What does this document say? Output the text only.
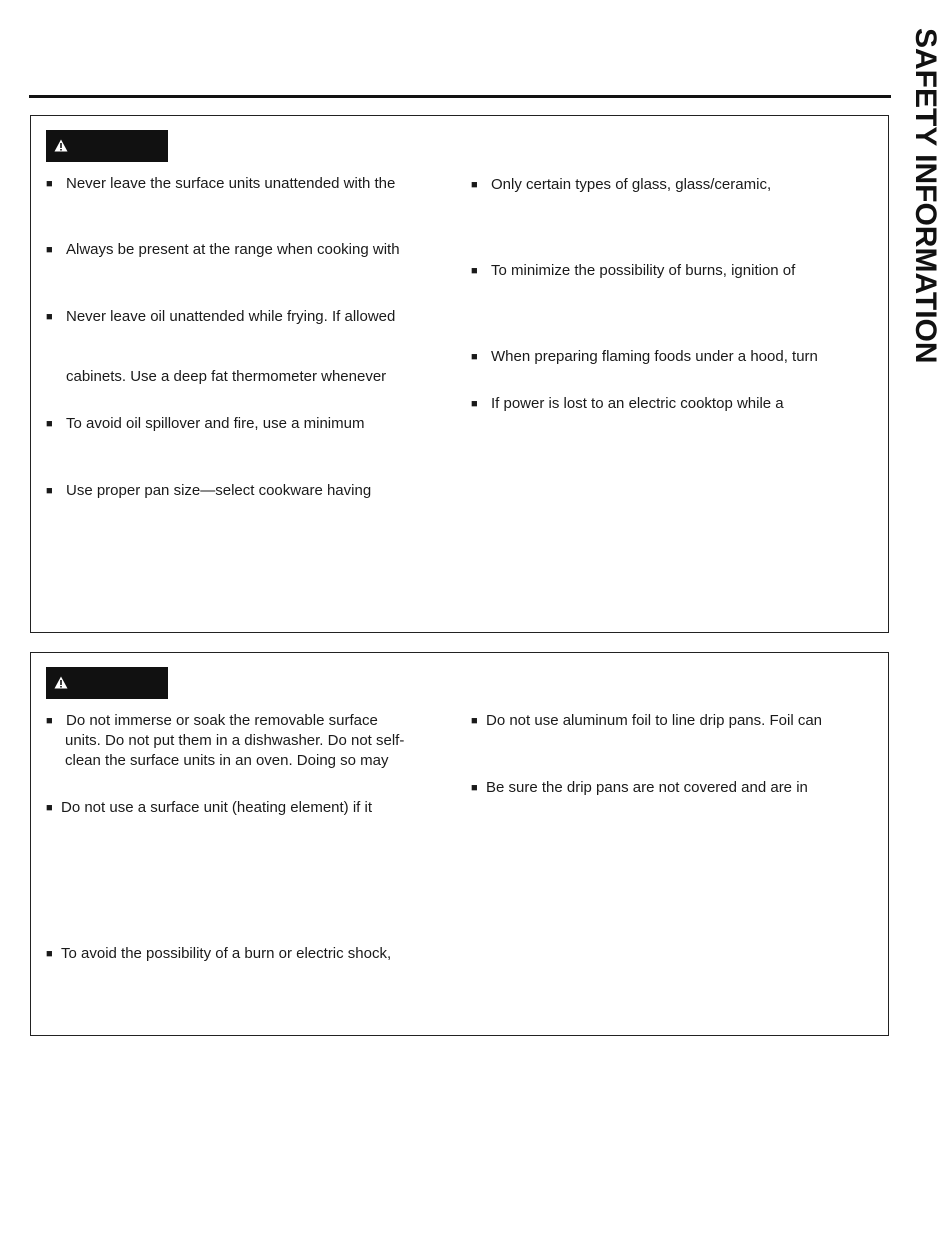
SAFETY INFORMATION
■ Never leave the surface units unattended with the
■ Always be present at the range when cooking with
■ Never leave oil unattended while frying. If allowed
cabinets. Use a deep fat thermometer whenever
■ To avoid oil spillover and fire, use a minimum
■ Use proper pan size—select cookware having
■ Only certain types of glass, glass/ceramic,
■ To minimize the possibility of burns, ignition of
■ When preparing flaming foods under a hood, turn
■ If power is lost to an electric cooktop while a
■ Do not immerse or soak the removable surface
units. Do not put them in a dishwasher. Do not self-
clean the surface units in an oven. Doing so may
■ Do not use a surface unit (heating element) if it
■ To avoid the possibility of a burn or electric shock,
■ Do not use aluminum foil to line drip pans. Foil can
■ Be sure the drip pans are not covered and are in
